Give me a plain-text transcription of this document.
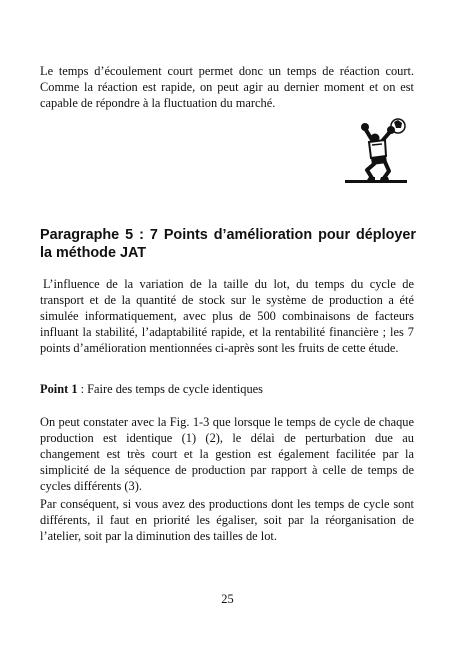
Le temps d’écoulement court permet donc un temps de réaction court. Comme la réaction est rapide, on peut agir au dernier moment et on est capable de répondre à la fluctuation du marché.

Paragraphe 5 : 7 Points d’amélioration pour déployer la méthode JAT

L’influence de la variation de la taille du lot, du temps du cycle de transport et de la quantité de stock sur le système de production a été simulée informatiquement, avec plus de 500 combinaisons de facteurs influant la stabilité, l’adaptabilité rapide, et la rentabilité financière ; les 7 points d’amélioration mentionnées ci-après sont les fruits de cette étude.

Point 1 : Faire des temps de cycle identiques

On peut constater avec la Fig. 1-3 que lorsque le temps de cycle de chaque production est identique (1) (2), le délai de perturbation due au changement est très court et la gestion est également facilitée par la simplicité de la séquence de production par rapport à celle de temps de cycles différents (3).

Par conséquent, si vous avez des productions dont les temps de cycle sont différents, il faut en priorité les égaliser, soit par la réorganisation de l’atelier, soit par la diminution des tailles de lot.

25
